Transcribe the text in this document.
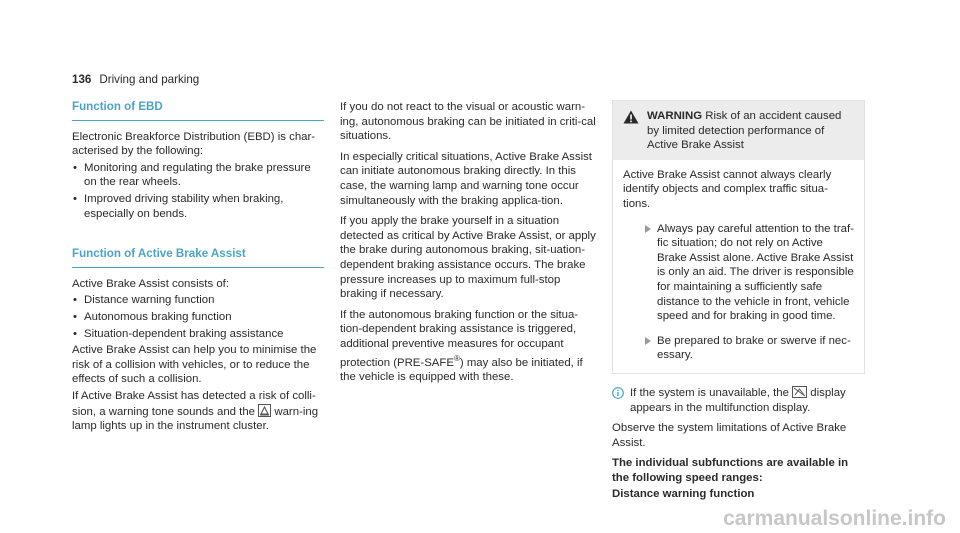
136 Driving and parking
Function of EBD

Electronic Breakforce Distribution (EBD) is char-acterised by the following:

• Monitoring and regulating the brake pressure on the rear wheels.
• Improved driving stability when braking, especially on bends.
Function of Active Brake Assist

Active Brake Assist consists of:

• Distance warning function
• Autonomous braking function
• Situation-dependent braking assistance

Active Brake Assist can help you to minimise the risk of a collision with vehicles, or to reduce the effects of such a collision.

If Active Brake Assist has detected a risk of colli-sion, a warning tone sounds and the warn-ing lamp lights up in the instrument cluster.

If you do not react to the visual or acoustic warn-ing, autonomous braking can be initiated in criti-cal situations.

In especially critical situations, Active Brake Assist can initiate autonomous braking directly. In this case, the warning lamp and warning tone occur simultaneously with the braking applica-tion.

If you apply the brake yourself in a situation detected as critical by Active Brake Assist, or apply the brake during autonomous braking, sit-uation-dependent braking assistance occurs. The brake pressure increases up to maximum full-stop braking if necessary.

If the autonomous braking function or the situa-tion-dependent braking assistance is triggered, additional preventive measures for occupant protection (PRE-SAFE®) may also be initiated, if the vehicle is equipped with these.

WARNING Risk of an accident caused by limited detection performance of Active Brake Assist

Active Brake Assist cannot always clearly identify objects and complex traffic situa-tions.

Always pay careful attention to the traf-fic situation; do not rely on Active Brake Assist alone. Active Brake Assist is only an aid. The driver is responsible for maintaining a sufficiently safe distance to the vehicle in front, vehicle speed and for braking in good time.
Be prepared to brake or swerve if nec-essary.
If the system is unavailable, the display appears in the multifunction display.

Observe the system limitations of Active Brake Assist.

The individual subfunctions are available in the following speed ranges:

Distance warning function

carmanualsonline.info
